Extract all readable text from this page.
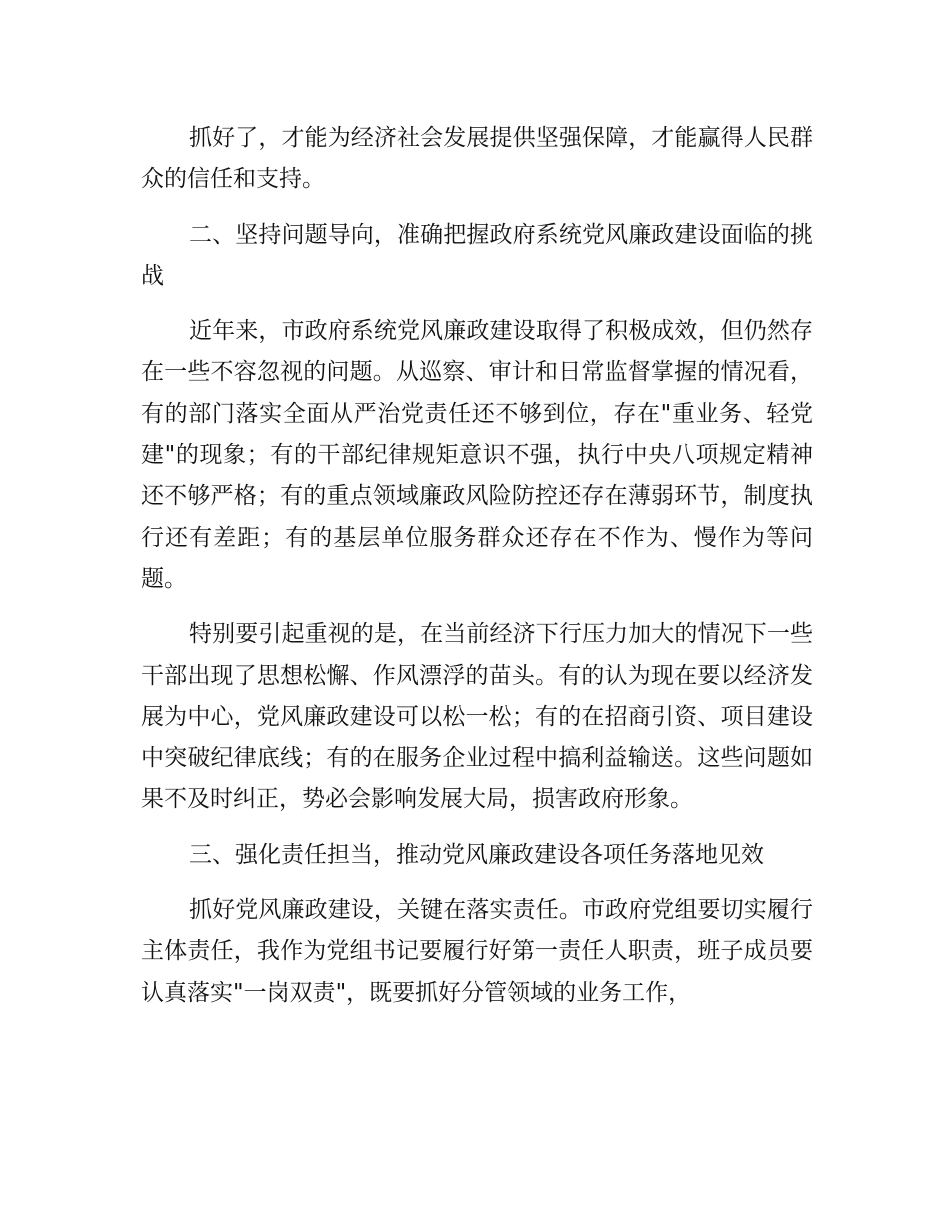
抓好了，才能为经济社会发展提供坚强保障，才能赢得人民群众的信任和支持。

二、坚持问题导向，准确把握政府系统党风廉政建设面临的挑战

近年来，市政府系统党风廉政建设取得了积极成效，但仍然存在一些不容忽视的问题。从巡察、审计和日常监督掌握的情况看，有的部门落实全面从严治党责任还不够到位，存在"重业务、轻党建"的现象；有的干部纪律规矩意识不强，执行中央八项规定精神还不够严格；有的重点领域廉政风险防控还存在薄弱环节，制度执行还有差距；有的基层单位服务群众还存在不作为、慢作为等问题。

特别要引起重视的是，在当前经济下行压力加大的情况下一些干部出现了思想松懈、作风漂浮的苗头。有的认为现在要以经济发展为中心，党风廉政建设可以松一松；有的在招商引资、项目建设中突破纪律底线；有的在服务企业过程中搞利益输送。这些问题如果不及时纠正，势必会影响发展大局，损害政府形象。

三、强化责任担当，推动党风廉政建设各项任务落地见效

抓好党风廉政建设，关键在落实责任。市政府党组要切实履行主体责任，我作为党组书记要履行好第一责任人职责，班子成员要认真落实"一岗双责"，既要抓好分管领域的业务工作，
